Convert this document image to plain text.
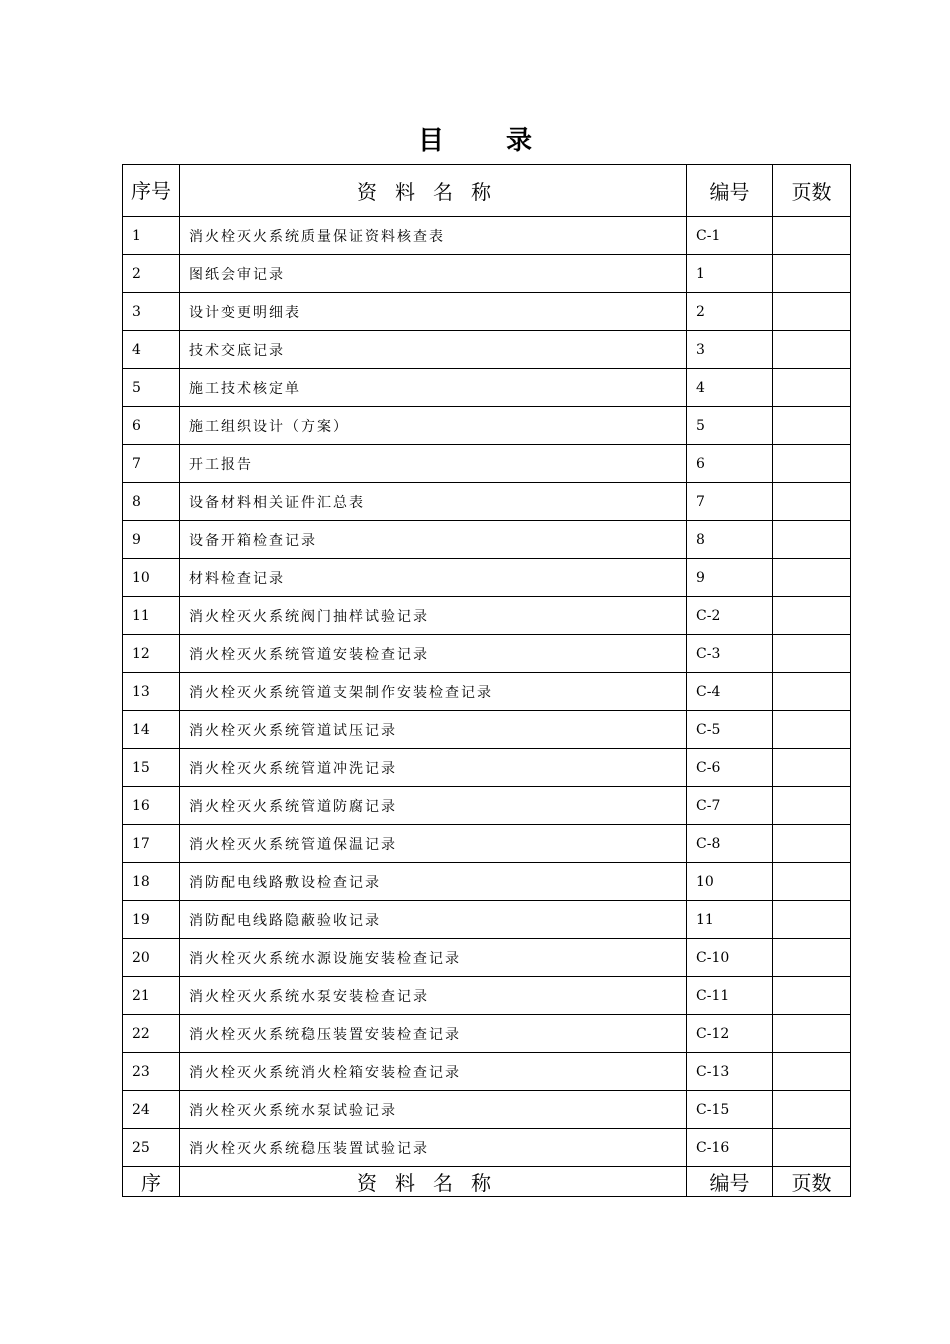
目 录
序号	资料名称	编号	页数
1	消火栓灭火系统质量保证资料核查表	C-1	
2	图纸会审记录	1	
3	设计变更明细表	2	
4	技术交底记录	3	
5	施工技术核定单	4	
6	施工组织设计（方案）	5	
7	开工报告	6	
8	设备材料相关证件汇总表	7	
9	设备开箱检查记录	8	
10	材料检查记录	9	
11	消火栓灭火系统阀门抽样试验记录	C-2	
12	消火栓灭火系统管道安装检查记录	C-3	
13	消火栓灭火系统管道支架制作安装检查记录	C-4	
14	消火栓灭火系统管道试压记录	C-5	
15	消火栓灭火系统管道冲洗记录	C-6	
16	消火栓灭火系统管道防腐记录	C-7	
17	消火栓灭火系统管道保温记录	C-8	
18	消防配电线路敷设检查记录	10	
19	消防配电线路隐蔽验收记录	11	
20	消火栓灭火系统水源设施安装检查记录	C-10	
21	消火栓灭火系统水泵安装检查记录	C-11	
22	消火栓灭火系统稳压装置安装检查记录	C-12	
23	消火栓灭火系统消火栓箱安装检查记录	C-13	
24	消火栓灭火系统水泵试验记录	C-15	
25	消火栓灭火系统稳压装置试验记录	C-16	
序	资料名称	编号	页数
